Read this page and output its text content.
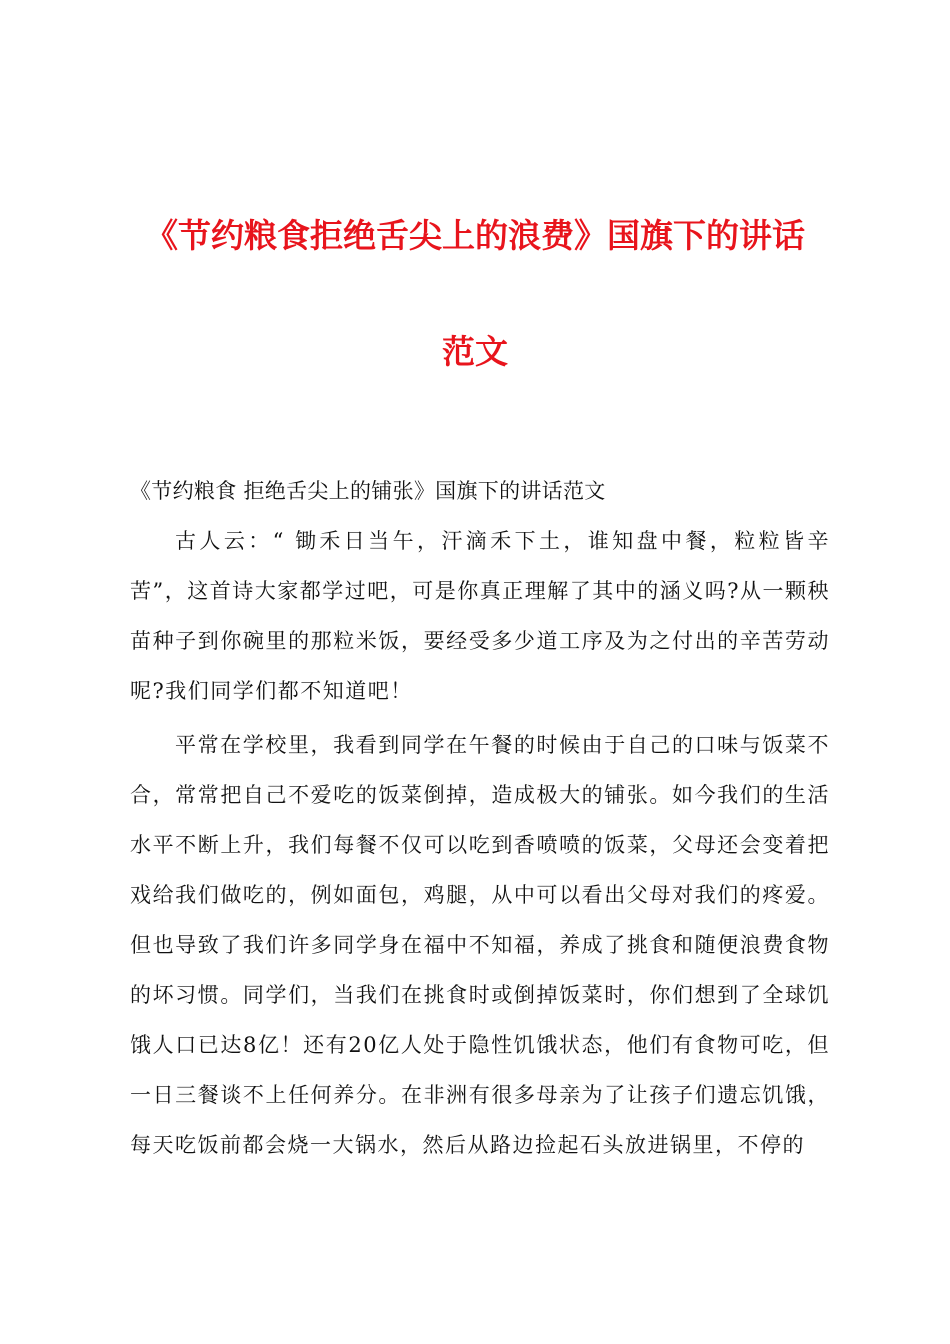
《节约粮食拒绝舌尖上的浪费》国旗下的讲话
范文

《节约粮食 拒绝舌尖上的铺张》国旗下的讲话范文

古人云：“ 锄禾日当午，汗滴禾下土，谁知盘中餐，粒粒皆辛苦”，这首诗大家都学过吧，可是你真正理解了其中的涵义吗?从一颗秧苗种子到你碗里的那粒米饭，要经受多少道工序及为之付出的辛苦劳动呢?我们同学们都不知道吧！

平常在学校里，我看到同学在午餐的时候由于自己的口味与饭菜不合，常常把自己不爱吃的饭菜倒掉，造成极大的铺张。如今我们的生活水平不断上升，我们每餐不仅可以吃到香喷喷的饭菜，父母还会变着把戏给我们做吃的，例如面包，鸡腿，从中可以看出父母对我们的疼爱。但也导致了我们许多同学身在福中不知福，养成了挑食和随便浪费食物的坏习惯。同学们，当我们在挑食时或倒掉饭菜时，你们想到了全球饥饿人口已达8亿！还有20亿人处于隐性饥饿状态，他们有食物可吃，但一日三餐谈不上任何养分。在非洲有很多母亲为了让孩子们遗忘饥饿，每天吃饭前都会烧一大锅水，然后从路边捡起石头放进锅里，不停的
